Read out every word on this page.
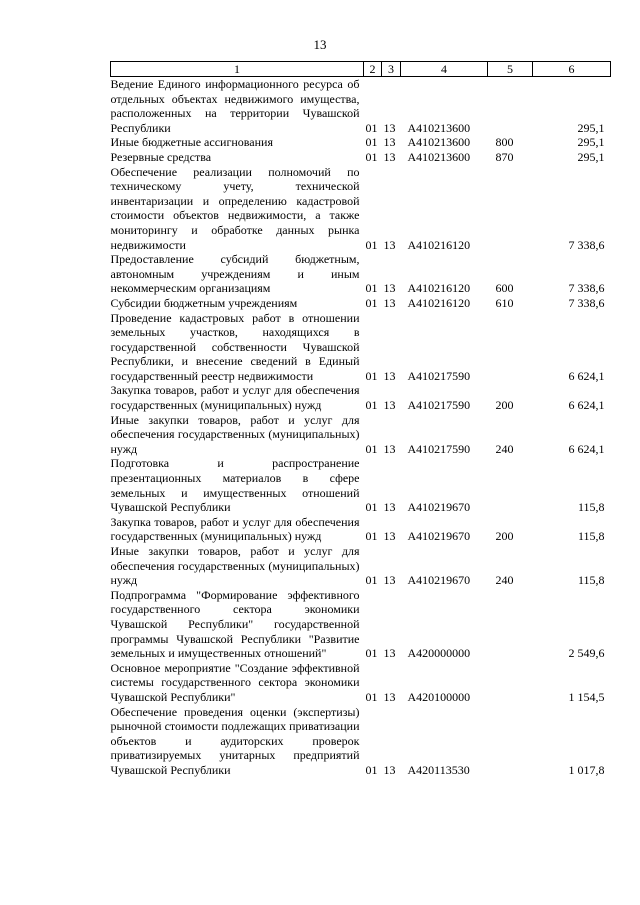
13
1	2	3	4	5	6

Ведение Единого информационного ресурса об отдельных объектах недвижимого имущества, расположенных на территории Чувашской Республики	01	13	А410213600		295,1

Иные бюджетные ассигнования	01	13	А410213600	800	295,1

Резервные средства	01	13	А410213600	870	295,1

Обеспечение реализации полномочий по техническому учету, технической инвентаризации и определению кадастровой стоимости объектов недвижимости, а также мониторингу и обработке данных рынка недвижимости	01	13	А410216120		7 338,6

Предоставление субсидий бюджетным, автономным учреждениям и иным некоммерческим организациям	01	13	А410216120	600	7 338,6

Субсидии бюджетным учреждениям	01	13	А410216120	610	7 338,6

Проведение кадастровых работ в отношении земельных участков, находящихся в государственной собственности Чувашской Республики, и внесение сведений в Единый государственный реестр недвижимости	01	13	А410217590		6 624,1

Закупка товаров, работ и услуг для обеспечения государственных (муниципальных) нужд	01	13	А410217590	200	6 624,1

Иные закупки товаров, работ и услуг для обеспечения государственных (муниципальных) нужд	01	13	А410217590	240	6 624,1

Подготовка и распространение презентационных материалов в сфере земельных и имущественных отношений Чувашской Республики	01	13	А410219670		115,8

Закупка товаров, работ и услуг для обеспечения государственных (муниципальных) нужд	01	13	А410219670	200	115,8

Иные закупки товаров, работ и услуг для обеспечения государственных (муниципальных) нужд	01	13	А410219670	240	115,8

Подпрограмма "Формирование эффективного государственного сектора экономики Чувашской Республики" государственной программы Чувашской Республики "Развитие земельных и имущественных отношений"	01	13	А420000000		2 549,6

Основное мероприятие "Создание эффективной системы государственного сектора экономики Чувашской Республики"	01	13	А420100000		1 154,5

Обеспечение проведения оценки (экспертизы) рыночной стоимости подлежащих приватизации объектов и аудиторских проверок приватизируемых унитарных предприятий Чувашской Республики	01	13	А420113530		1 017,8
